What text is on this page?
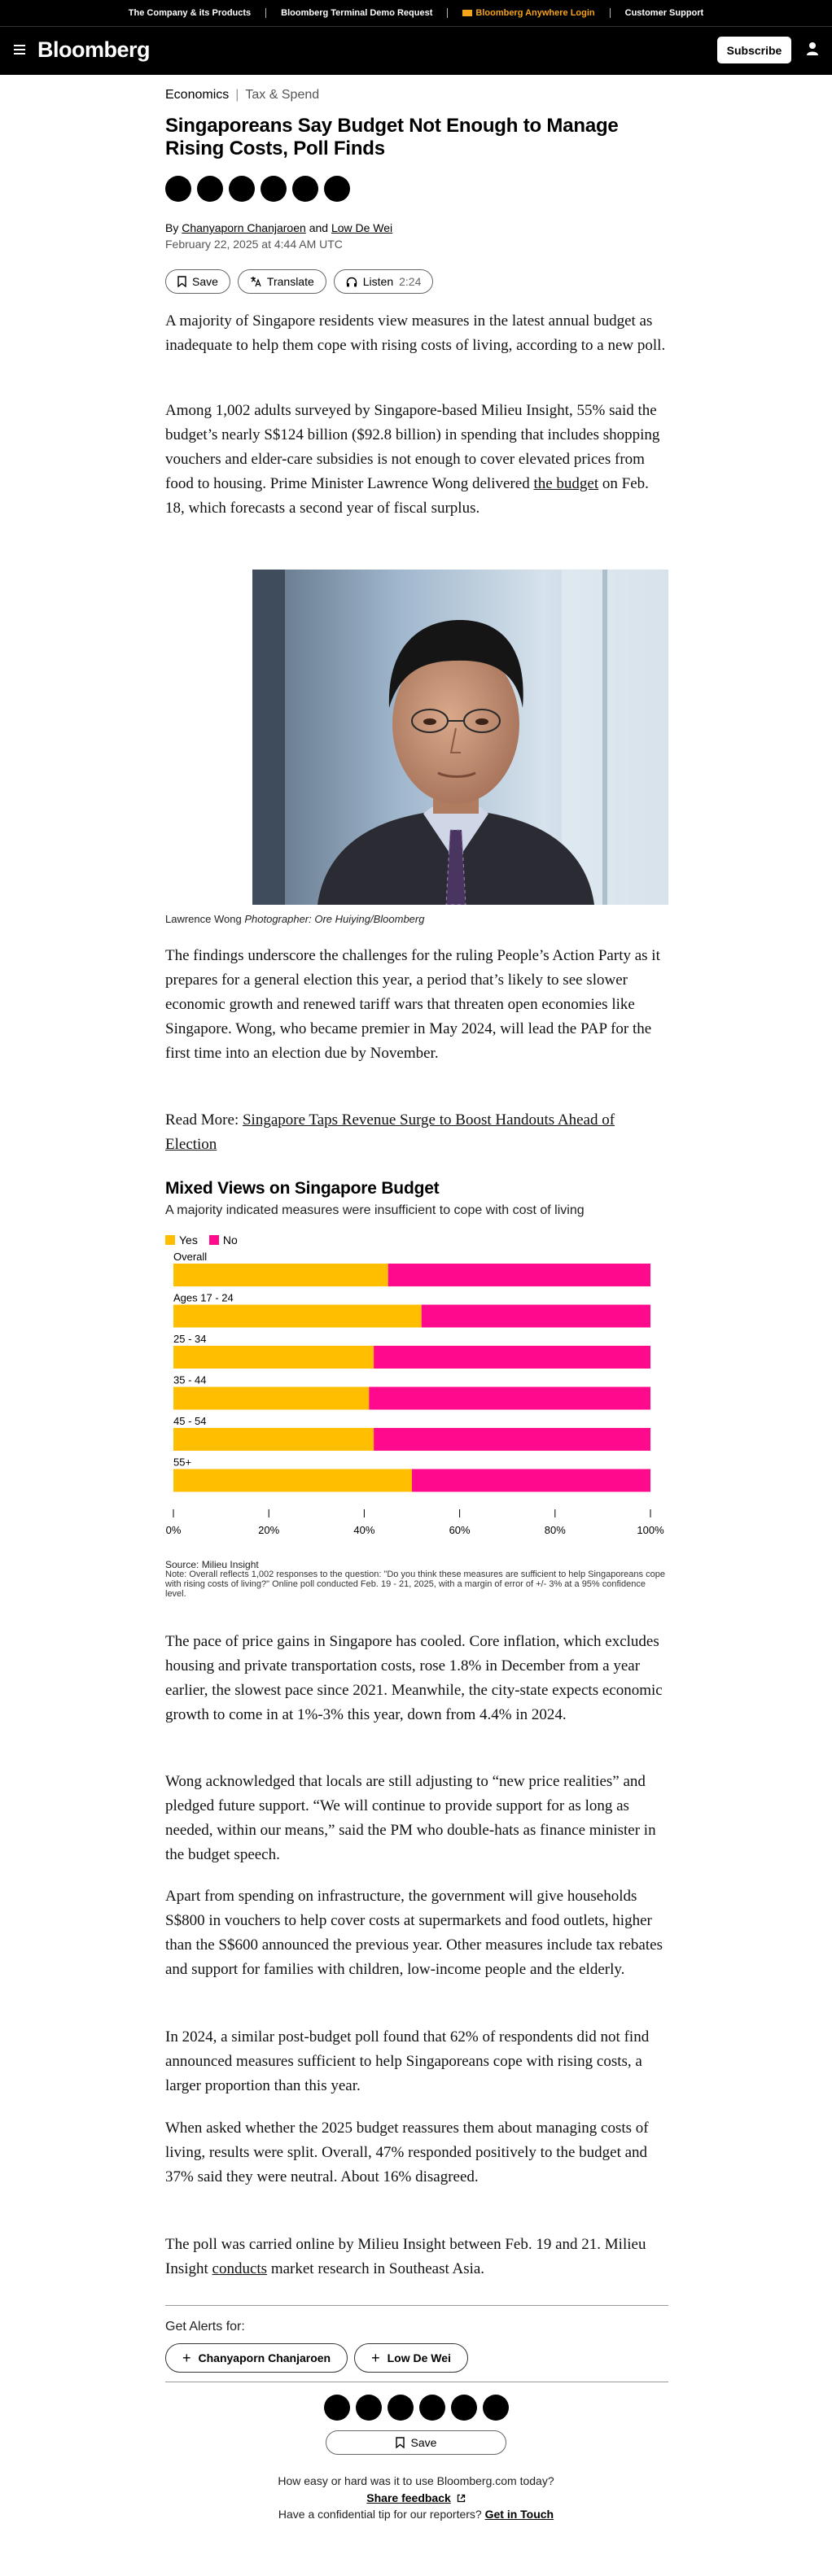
The Company & its Products	Bloomberg Terminal Demo Request	Bloomberg Anywhere Login	Customer Support
Bloomberg	Subscribe
Economics | Tax & Spend
Singaporeans Say Budget Not Enough to Manage Rising Costs, Poll Finds
By Chanyaporn Chanjaroen and Low De Wei
February 22, 2025 at 4:44 AM UTC
Save	Translate	Listen 2:24

A majority of Singapore residents view measures in the latest annual budget as inadequate to help them cope with rising costs of living, according to a new poll.

Among 1,002 adults surveyed by Singapore-based Milieu Insight, 55% said the budget’s nearly S$124 billion ($92.8 billion) in spending that includes shopping vouchers and elder-care subsidies is not enough to cover elevated prices from food to housing. Prime Minister Lawrence Wong delivered the budget on Feb. 18, which forecasts a second year of fiscal surplus.

Lawrence Wong Photographer: Ore Huiying/Bloomberg

The findings underscore the challenges for the ruling People’s Action Party as it prepares for a general election this year, a period that’s likely to see slower economic growth and renewed tariff wars that threaten open economies like Singapore. Wong, who became premier in May 2024, will lead the PAP for the first time into an election due by November.

Read More: Singapore Taps Revenue Surge to Boost Handouts Ahead of Election

Mixed Views on Singapore Budget
A majority indicated measures were insufficient to cope with cost of living
Yes	No
Overall
Ages 17 - 24
25 - 34
35 - 44
45 - 54
55+
0%	20%	40%	60%	80%	100%
Source: Milieu Insight
Note: Overall reflects 1,002 responses to the question: "Do you think these measures are sufficient to help Singaporeans cope with rising costs of living?" Online poll conducted Feb. 19 - 21, 2025, with a margin of error of +/- 3% at a 95% confidence level.

The pace of price gains in Singapore has cooled. Core inflation, which excludes housing and private transportation costs, rose 1.8% in December from a year earlier, the slowest pace since 2021. Meanwhile, the city-state expects economic growth to come in at 1%-3% this year, down from 4.4% in 2024.

Wong acknowledged that locals are still adjusting to “new price realities” and pledged future support. “We will continue to provide support for as long as needed, within our means,” said the PM who double-hats as finance minister in the budget speech.

Apart from spending on infrastructure, the government will give households S$800 in vouchers to help cover costs at supermarkets and food outlets, higher than the S$600 announced the previous year. Other measures include tax rebates and support for families with children, low-income people and the elderly.

In 2024, a similar post-budget poll found that 62% of respondents did not find announced measures sufficient to help Singaporeans cope with rising costs, a larger proportion than this year.

When asked whether the 2025 budget reassures them about managing costs of living, results were split. Overall, 47% responded positively to the budget and 37% said they were neutral. About 16% disagreed.

The poll was carried online by Milieu Insight between Feb. 19 and 21. Milieu Insight conducts market research in Southeast Asia.

Get Alerts for:
+ Chanyaporn Chanjaroen	+ Low De Wei
Save
How easy or hard was it to use Bloomberg.com today?
Share feedback
Have a confidential tip for our reporters? Get in Touch
